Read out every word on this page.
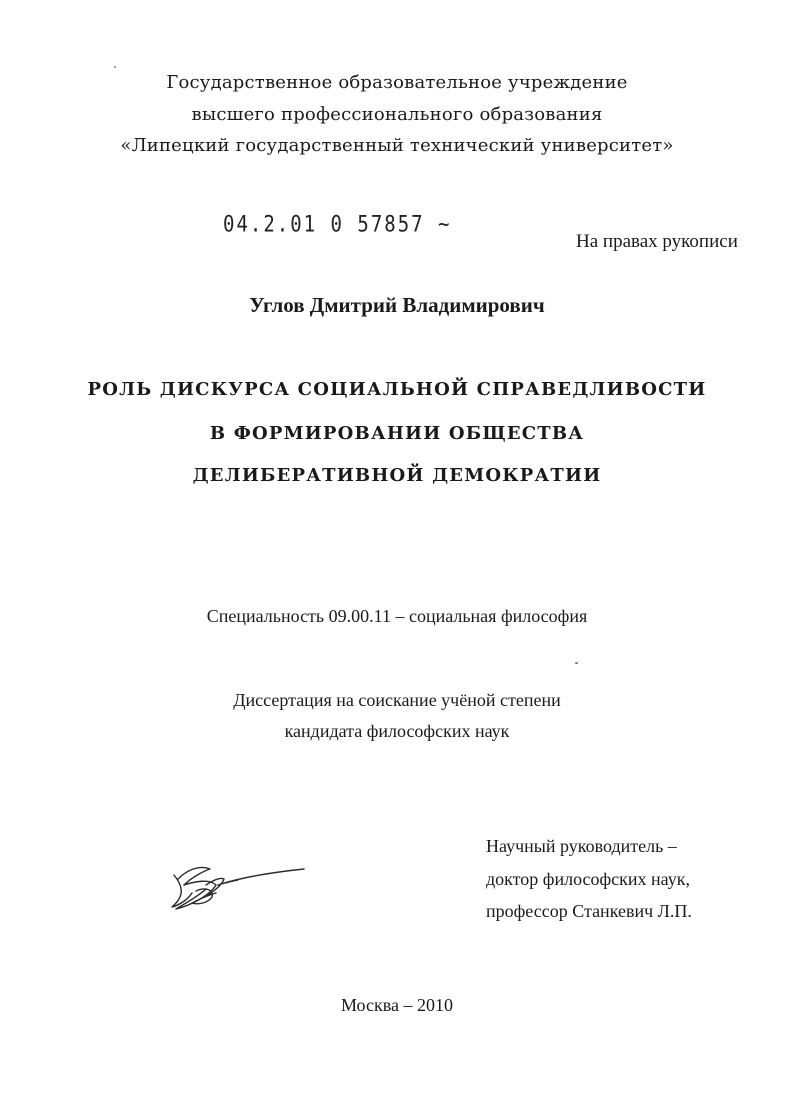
Государственное образовательное учреждение
высшего профессионального образования
«Липецкий государственный технический университет»
04.2.01 0 57857 ~
На правах рукописи
Углов Дмитрий Владимирович
РОЛЬ ДИСКУРСА СОЦИАЛЬНОЙ СПРАВЕДЛИВОСТИ
В ФОРМИРОВАНИИ ОБЩЕСТВА
ДЕЛИБЕРАТИВНОЙ ДЕМОКРАТИИ
Специальность 09.00.11 – социальная философия
Диссертация на соискание учёной степени
кандидата философских наук
Научный руководитель –
доктор философских наук,
профессор Станкевич Л.П.
Москва – 2010
